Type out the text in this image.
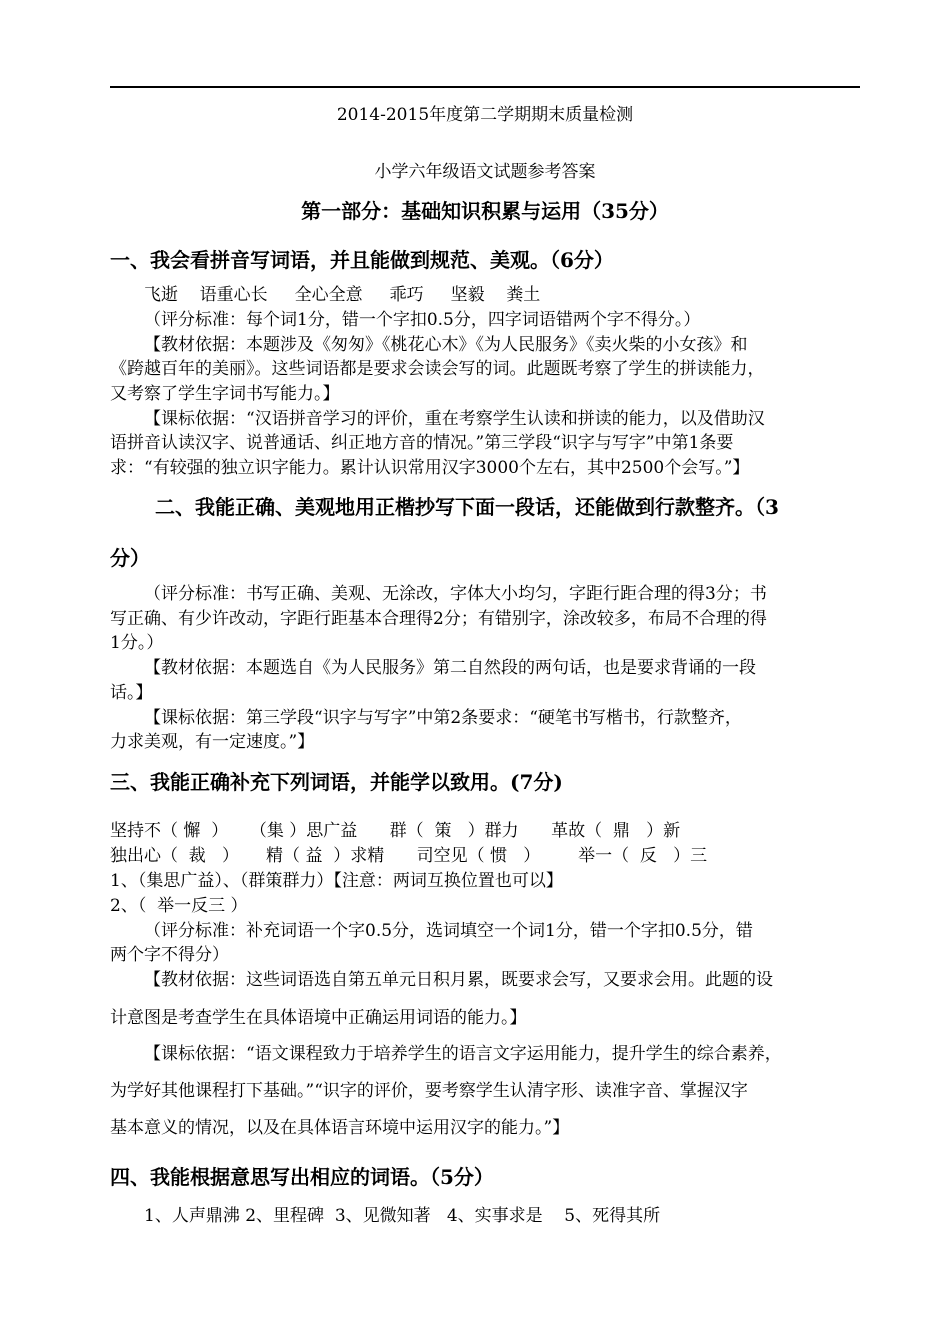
2014-2015年度第二学期期末质量检测
小学六年级语文试题参考答案
第一部分：基础知识积累与运用（35分）
一、我会看拼音写词语，并且能做到规范、美观。（6分）
飞逝    语重心长     全心全意     乖巧     坚毅    粪土
（评分标准：每个词1分，错一个字扣0.5分，四字词语错两个字不得分。）
【教材依据：本题涉及《匆匆》《桃花心木》《为人民服务》《卖火柴的小女孩》和
《跨越百年的美丽》。这些词语都是要求会读会写的词。此题既考察了学生的拼读能力，
又考察了学生字词书写能力。】
【课标依据：“汉语拼音学习的评价，重在考察学生认读和拼读的能力，以及借助汉
语拼音认读汉字、说普通话、纠正地方音的情况。”第三学段“识字与写字”中第1条要
求：“有较强的独立识字能力。累计认识常用汉字3000个左右，其中2500个会写。”】
二、我能正确、美观地用正楷抄写下面一段话，还能做到行款整齐。（3
分）
（评分标准：书写正确、美观、无涂改，字体大小均匀，字距行距合理的得3分；书
写正确、有少许改动，字距行距基本合理得2分；有错别字，涂改较多，布局不合理的得
1分。）
【教材依据：本题选自《为人民服务》第二自然段的两句话，也是要求背诵的一段
话。】
【课标依据：第三学段“识字与写字”中第2条要求：“硬笔书写楷书，行款整齐，
力求美观，有一定速度。”】
三、我能正确补充下列词语，并能学以致用。(7分)
坚持不（ 懈  ）    （集 ）思广益      群（  策   ）群力      革故（  鼎   ）新
独出心（  裁   ）     精（ 益  ）求精      司空见（ 惯   ）       举一（  反   ）三
1、（集思广益）、（群策群力）【注意：两词互换位置也可以】
2、（  举一反三 ）
（评分标准：补充词语一个字0.5分，选词填空一个词1分，错一个字扣0.5分，错
两个字不得分）
【教材依据：这些词语选自第五单元日积月累，既要求会写，又要求会用。此题的设
计意图是考查学生在具体语境中正确运用词语的能力。】
【课标依据：“语文课程致力于培养学生的语言文字运用能力，提升学生的综合素养，
为学好其他课程打下基础。”“识字的评价，要考察学生认清字形、读准字音、掌握汉字
基本意义的情况，以及在具体语言环境中运用汉字的能力。”】
四、我能根据意思写出相应的词语。（5分）
1、人声鼎沸 2、里程碑  3、见微知著   4、实事求是    5、死得其所
